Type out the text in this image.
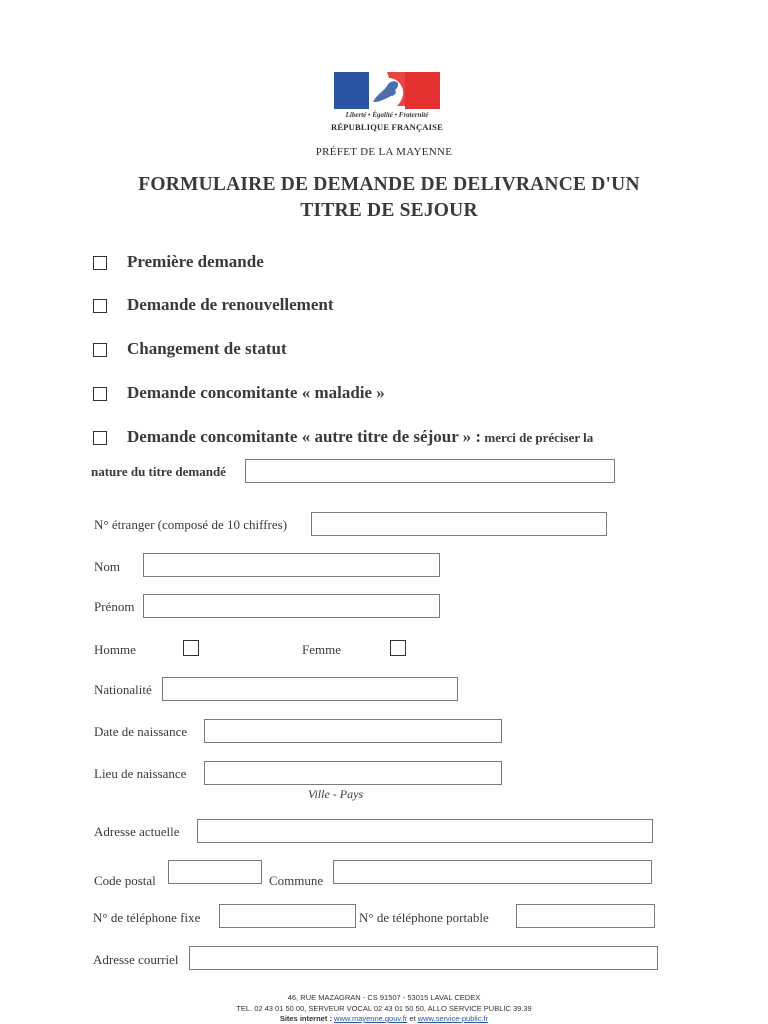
Liberté • Égalité • Fraternité
RÉPUBLIQUE FRANÇAISE
PRÉFET DE LA MAYENNE
FORMULAIRE DE DEMANDE DE DELIVRANCE D'UN
TITRE DE SEJOUR
Première demande
Demande de renouvellement
Changement de statut
Demande concomitante « maladie »
Demande concomitante « autre titre de séjour » : merci de préciser la
nature du titre demandé
N° étranger (composé de 10 chiffres)
Nom
Prénom
Homme	Femme
Nationalité
Date de naissance
Lieu de naissance
Ville - Pays
Adresse actuelle
Code postal	Commune
N° de téléphone fixe	N° de téléphone portable
Adresse courriel
46, RUE MAZAGRAN - CS 91507 - 53015 LAVAL CEDEX
TEL. 02 43 01 50 00, SERVEUR VOCAL 02 43 01 50 50, ALLO SERVICE PUBLIC 39.39
Sites internet : www.mayenne.gouv.fr et www.service-public.fr
